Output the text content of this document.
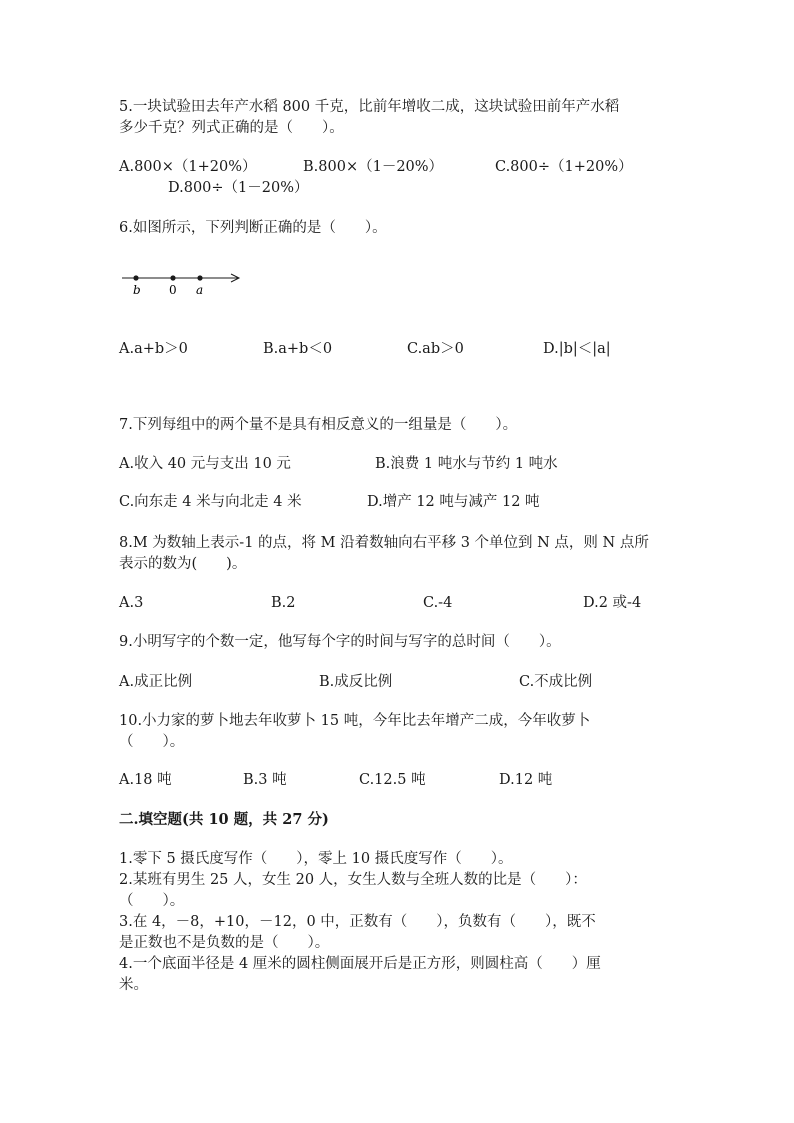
5.一块试验田去年产水稻 800 千克，比前年增收二成，这块试验田前年产水稻
多少千克？列式正确的是（　　）。
A.800×（1+20%）	B.800×（1－20%）	C.800÷（1+20%）
D.800÷（1－20%）
6.如图所示，下列判断正确的是（　　）。
b 0 a
A.a+b＞0	B.a+b＜0	C.ab＞0	D.|b|＜|a|
7.下列每组中的两个量不是具有相反意义的一组量是（　　）。
A.收入 40 元与支出 10 元	B.浪费 1 吨水与节约 1 吨水
C.向东走 4 米与向北走 4 米	D.增产 12 吨与减产 12 吨
8.M 为数轴上表示-1 的点，将 M 沿着数轴向右平移 3 个单位到 N 点，则 N 点所
表示的数为(　　)。
A.3	B.2	C.-4	D.2 或-4
9.小明写字的个数一定，他写每个字的时间与写字的总时间（　　）。
A.成正比例	B.成反比例	C.不成比例
10.小力家的萝卜地去年收萝卜 15 吨，今年比去年增产二成，今年收萝卜
（　　）。
A.18 吨	B.3 吨	C.12.5 吨	D.12 吨
二.填空题(共 10 题，共 27 分)
1.零下 5 摄氏度写作（　　），零上 10 摄氏度写作（　　）。
2.某班有男生 25 人，女生 20 人，女生人数与全班人数的比是（　　）：
（　　）。
3.在 4，－8，+10，－12，0 中，正数有（　　），负数有（　　），既不
是正数也不是负数的是（　　）。
4.一个底面半径是 4 厘米的圆柱侧面展开后是正方形，则圆柱高（　　）厘
米。
